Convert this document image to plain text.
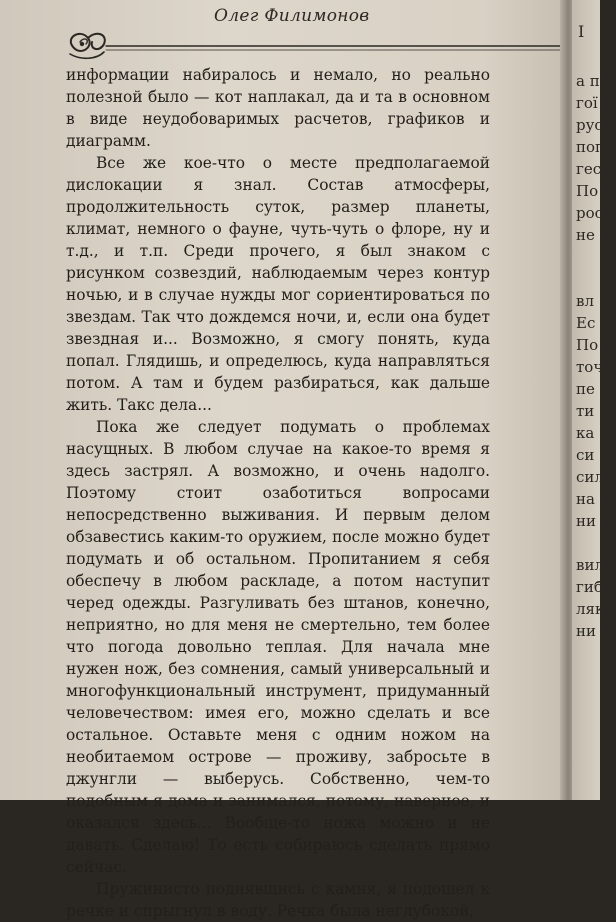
Олег Филимонов

информации набиралось и немало, но реально полезной было — кот наплакал, да и та в основном в виде неудобоваримых расчетов, графиков и диаграмм.

Все же кое-что о месте предполагаемой дислокации я знал. Состав атмосферы, продолжительность суток, размер планеты, климат, немного о фауне, чуть-чуть о флоре, ну и т.д., и т.п. Среди прочего, я был знаком с рисунком созвездий, наблюдаемым через контур ночью, и в случае нужды мог сориентироваться по звездам. Так что дождемся ночи, и, если она будет звездная и... Возможно, я смогу понять, куда попал. Глядишь, и определюсь, куда направляться потом. А там и будем разбираться, как дальше жить. Такс дела...

Пока же следует подумать о проблемах насущных. В любом случае на какое-то время я здесь застрял. А возможно, и очень надолго. Поэтому стоит озаботиться вопросами непосредственно выживания. И первым делом обзавестись каким-то оружием, после можно будет подумать и об остальном. Пропитанием я себя обеспечу в любом раскладе, а потом наступит черед одежды. Разгуливать без штанов, конечно, неприятно, но для меня не смертельно, тем более что погода довольно теплая. Для начала мне нужен нож, без сомнения, самый универсальный и многофункциональный инструмент, придуманный человечеством: имея его, можно сделать и все остальное. Оставьте меня с одним ножом на необитаемом острове — проживу, забросьте в джунгли — выберусь. Собственно, чем-то подобным я дома и занимался, потому, наверное, и оказался здесь... Вообще-то ножа можно и не давать. Сделаю! То есть собираюсь сделать прямо сейчас.

Пружинисто поднявшись с камня, я подошел к речке и спрыгнул в воду. Речка была неглубокой,

I
а п
гої
рус
пог
гес
По
рос
не
вл
Ес
По
точ
пе
ти
ка
си
сил
на
ни
вил
гиб
ляк
ни
